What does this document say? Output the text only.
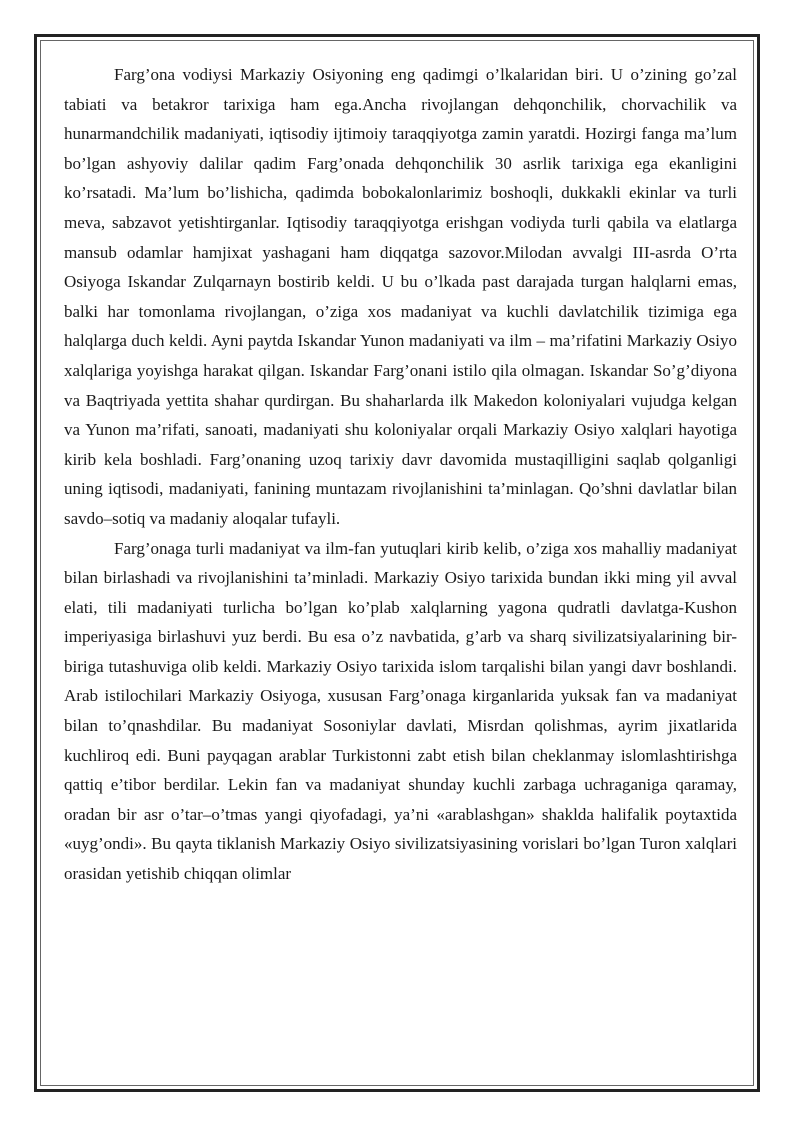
Farg’ona vodiysi Markaziy Osiyoning eng qadimgi o’lkalaridan biri. U o’zining go’zal tabiati va betakror tarixiga ham ega.Ancha rivojlangan dehqonchilik, chorvachilik va hunarmandchilik madaniyati, iqtisodiy ijtimoiy taraqqiyotga zamin yaratdi. Hozirgi fanga ma’lum bo’lgan ashyoviy dalilar qadim Farg’onada dehqonchilik 30 asrlik tarixiga ega ekanligini ko’rsatadi. Ma’lum bo’lishicha, qadimda bobokalonlarimiz boshoqli, dukkakli ekinlar va turli meva, sabzavot yetishtirganlar. Iqtisodiy taraqqiyotga erishgan vodiyda turli qabila va elatlarga mansub odamlar hamjixat yashagani ham diqqatga sazovor.Milodan avvalgi III-asrda O’rta Osiyoga Iskandar Zulqarnayn bostirib keldi. U bu o’lkada past darajada turgan halqlarni emas, balki har tomonlama rivojlangan, o’ziga xos madaniyat va kuchli davlatchilik tizimiga ega halqlarga duch keldi. Ayni paytda Iskandar Yunon madaniyati va ilm – ma’rifatini Markaziy Osiyo xalqlariga yoyishga harakat qilgan. Iskandar Farg’onani istilo qila olmagan. Iskandar So’g’diyona va Baqtriyada yettita shahar qurdirgan. Bu shaharlarda ilk Makedon koloniyalari vujudga kelgan va Yunon ma’rifati, sanoati, madaniyati shu koloniyalar orqali Markaziy Osiyo xalqlari hayotiga kirib kela boshladi. Farg’onaning uzoq tarixiy davr davomida mustaqilligini saqlab qolganligi uning iqtisodi, madaniyati, fanining muntazam rivojlanishini ta’minlagan. Qo’shni davlatlar bilan savdo–sotiq va madaniy aloqalar tufayli.

Farg’onaga turli madaniyat va ilm-fan yutuqlari kirib kelib, o’ziga xos mahalliy madaniyat bilan birlashadi va rivojlanishini ta’minladi. Markaziy Osiyo tarixida bundan ikki ming yil avval elati, tili madaniyati turlicha bo’lgan ko’plab xalqlarning yagona qudratli davlatga-Kushon imperiyasiga birlashuvi yuz berdi. Bu esa o’z navbatida, g’arb va sharq sivilizatsiyalarining bir-biriga tutashuviga olib keldi. Markaziy Osiyo tarixida islom tarqalishi bilan yangi davr boshlandi. Arab istilochilari Markaziy Osiyoga, xususan Farg’onaga kirganlarida yuksak fan va madaniyat bilan to’qnashdilar. Bu madaniyat Sosoniylar davlati, Misrdan qolishmas, ayrim jixatlarida kuchliroq edi. Buni payqagan arablar Turkistonni zabt etish bilan cheklanmay islomlashtirishga qattiq e’tibor berdilar. Lekin fan va madaniyat shunday kuchli zarbaga uchraganiga qaramay, oradan bir asr o’tar–o’tmas yangi qiyofadagi, ya’ni «arablashgan» shaklda halifalik poytaxtida «uyg’ondi». Bu qayta tiklanish Markaziy Osiyo sivilizatsiyasining vorislari bo’lgan Turon xalqlari orasidan yetishib chiqqan olimlar
